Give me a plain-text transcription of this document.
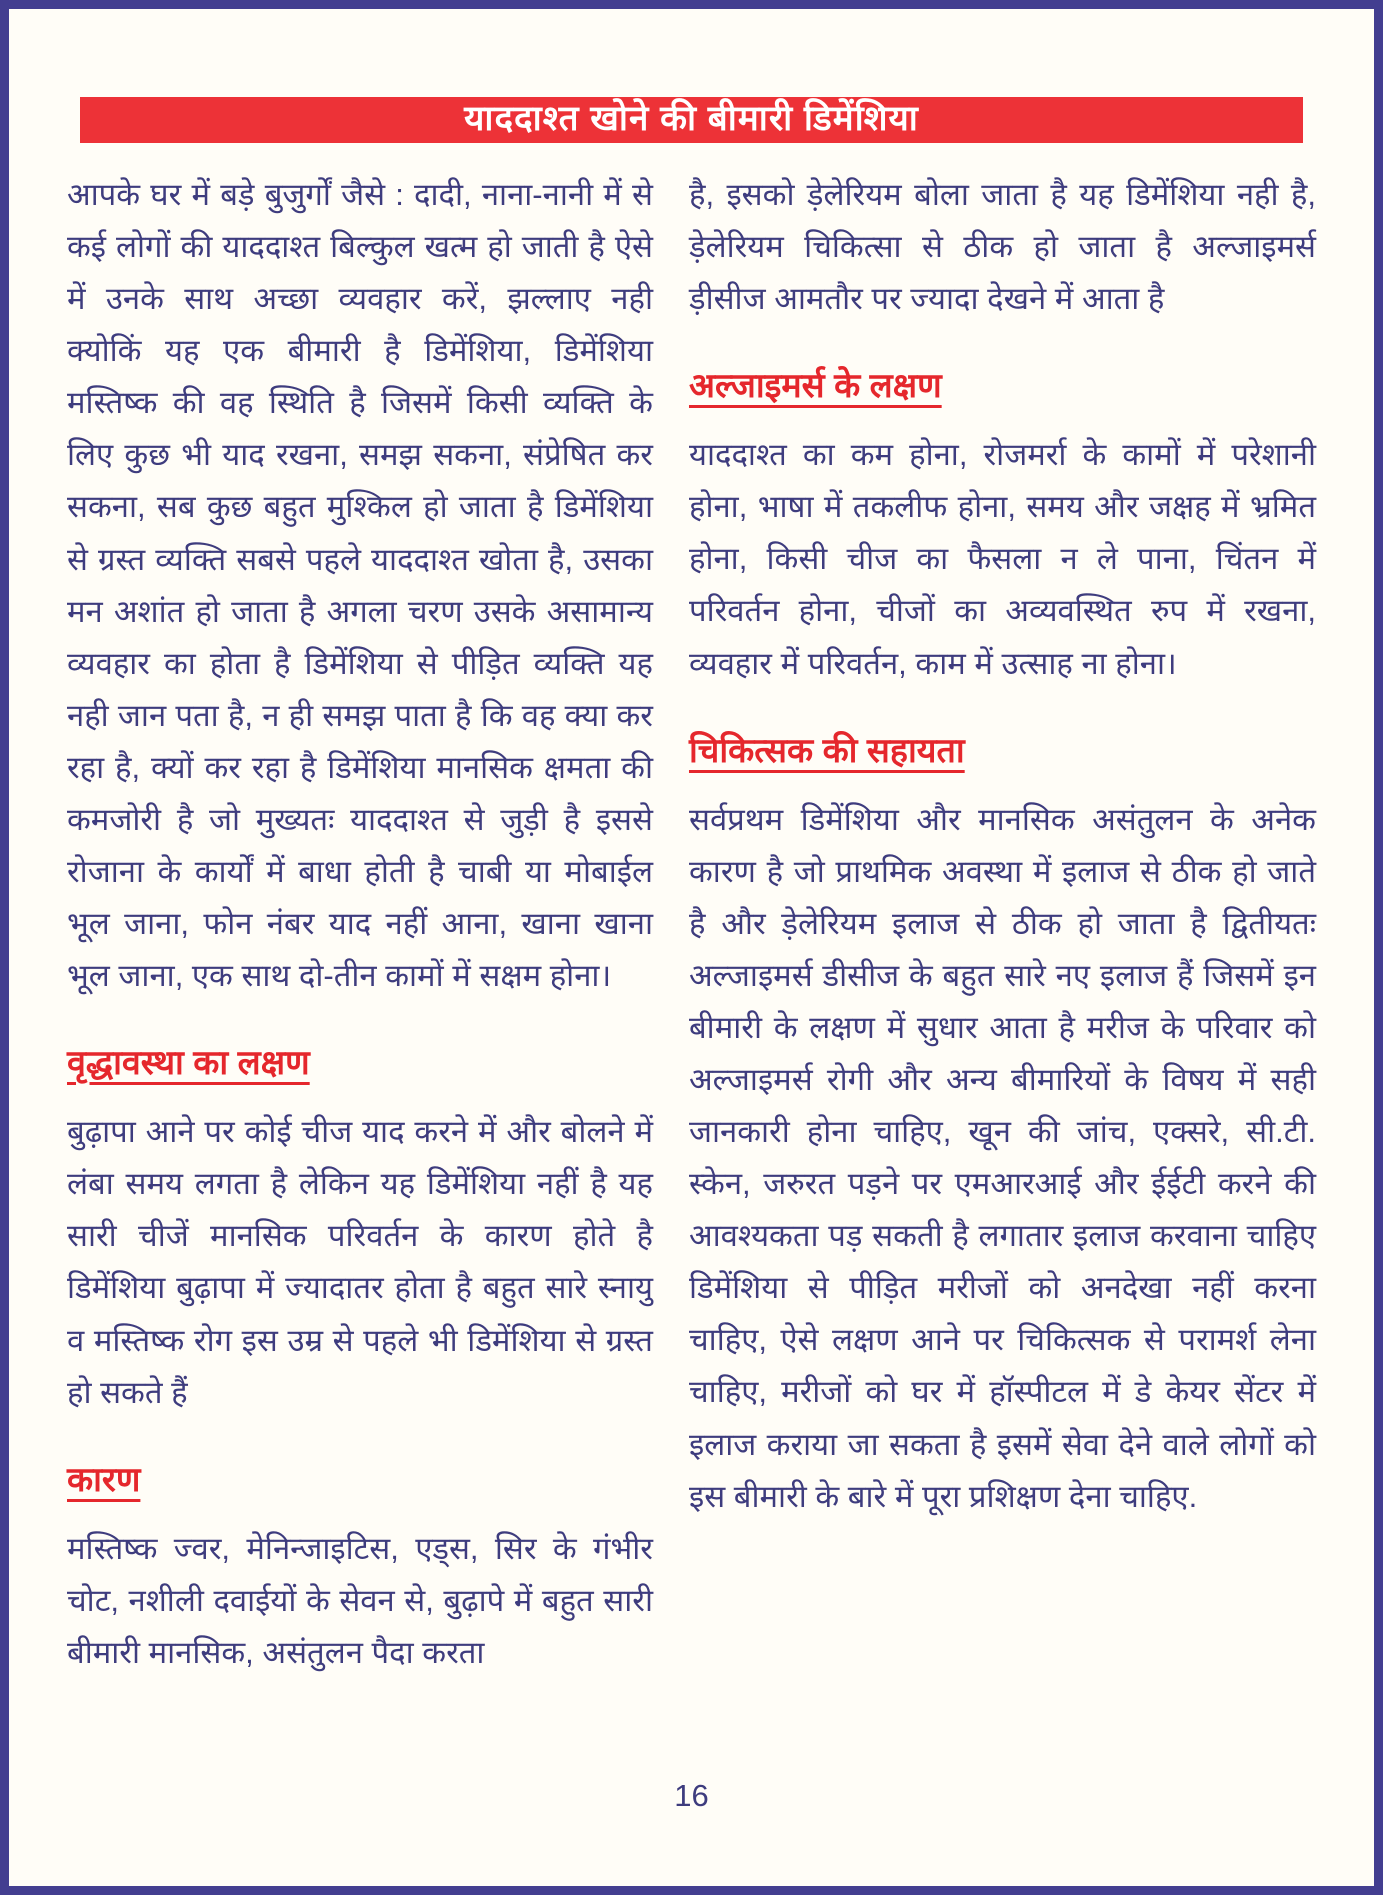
याददाश्त खोने की बीमारी डिमेंशिया

आपके घर में बड़े बुजुर्गों जैसे : दादी, नाना-नानी में से कई लोगों की याददाश्त बिल्कुल खत्म हो जाती है ऐसे में उनके साथ अच्छा व्यवहार करें, झल्लाए नही क्योकिं यह एक बीमारी है डिमेंशिया, डिमेंशिया मस्तिष्क की वह स्थिति है जिसमें किसी व्यक्ति के लिए कुछ भी याद रखना, समझ सकना, संप्रेषित कर सकना, सब कुछ बहुत मुश्किल हो जाता है डिमेंशिया से ग्रस्त व्यक्ति सबसे पहले याददाश्त खोता है, उसका मन अशांत हो जाता है अगला चरण उसके असामान्य व्यवहार का होता है डिमेंशिया से पीड़ित व्यक्ति यह नही जान पता है, न ही समझ पाता है कि वह क्या कर रहा है, क्यों कर रहा है डिमेंशिया मानसिक क्षमता की कमजोरी है जो मुख्यतः याददाश्त से जुड़ी है इससे रोजाना के कार्यों में बाधा होती है चाबी या मोबाईल भूल जाना, फोन नंबर याद नहीं आना, खाना खाना भूल जाना, एक साथ दो-तीन कामों में सक्षम होना।

वृद्धावस्था का लक्षण

बुढ़ापा आने पर कोई चीज याद करने में और बोलने में लंबा समय लगता है लेकिन यह डिमेंशिया नहीं है यह सारी चीजें मानसिक परिवर्तन के कारण होते है डिमेंशिया बुढ़ापा में ज्यादातर होता है बहुत सारे स्नायु व मस्तिष्क रोग इस उम्र से पहले भी डिमेंशिया से ग्रस्त हो सकते हैं

कारण

मस्तिष्क ज्वर, मेनिन्जाइटिस, एड्स, सिर के गंभीर चोट, नशीली दवाईयों के सेवन से, बुढ़ापे में बहुत सारी बीमारी मानसिक, असंतुलन पैदा करता

है, इसको ड़ेलेरियम बोला जाता है यह डिमेंशिया नही है, ड़ेलेरियम चिकित्सा से ठीक हो जाता है अल्जाइमर्स ड़ीसीज आमतौर पर ज्यादा देखने में आता है

अल्जाइमर्स के लक्षण

याददाश्त का कम होना, रोजमर्रा के कामों में परेशानी होना, भाषा में तकलीफ होना, समय और जक्षह में भ्रमित होना, किसी चीज का फैसला न ले पाना, चिंतन में परिवर्तन होना, चीजों का अव्यवस्थित रुप में रखना, व्यवहार में परिवर्तन, काम में उत्साह ना होना।

चिकित्सक की सहायता

सर्वप्रथम डिमेंशिया और मानसिक असंतुलन के अनेक कारण है जो प्राथमिक अवस्था में इलाज से ठीक हो जाते है और ड़ेलेरियम इलाज से ठीक हो जाता है द्वितीयतः अल्जाइमर्स डीसीज के बहुत सारे नए इलाज हैं जिसमें इन बीमारी के लक्षण में सुधार आता है मरीज के परिवार को अल्जाइमर्स रोगी और अन्य बीमारियों के विषय में सही जानकारी होना चाहिए, खून की जांच, एक्सरे, सी.टी. स्केन, जरुरत पड़ने पर एमआरआई और ईईटी करने की आवश्यकता पड़ सकती है लगातार इलाज करवाना चाहिए डिमेंशिया से पीड़ित मरीजों को अनदेखा नहीं करना चाहिए, ऐसे लक्षण आने पर चिकित्सक से परामर्श लेना चाहिए, मरीजों को घर में हॉस्पीटल में डे केयर सेंटर में इलाज कराया जा सकता है इसमें सेवा देने वाले लोगों को इस बीमारी के बारे में पूरा प्रशिक्षण देना चाहिए.

16
